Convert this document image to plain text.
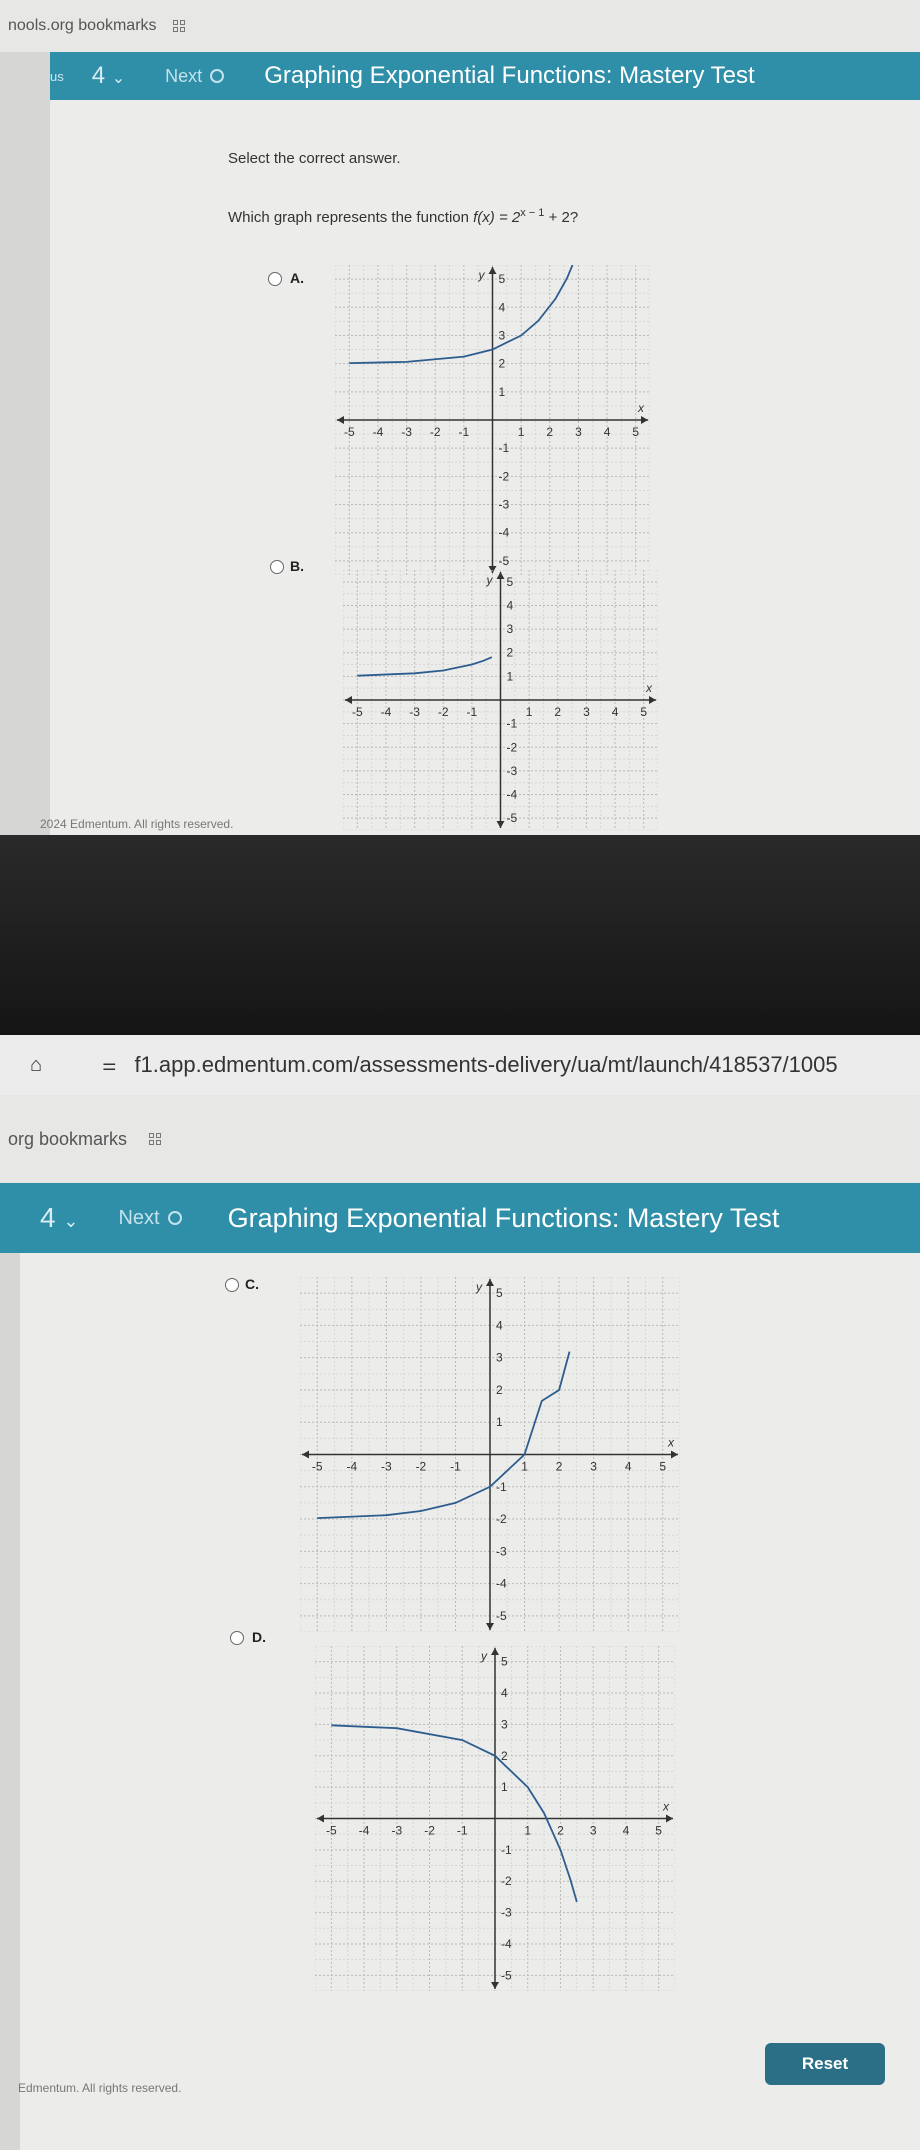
nools.org bookmarks
us 4 ⌄ Next	Graphing Exponential Functions: Mastery Test
Select the correct answer.
Which graph represents the function $f(x) = 2^{x - 1} + 2$?
A.
-5 -4 -3 -2 -1	1 2 3 4 5
5
4
3
2
1
-1
-2
-3
-4
-5
x
y
B.
-5 -4 -3 -2 -1	1 2 3 4 5
5
4
3
2
1
-1
-2
-3
-4
-5
x
y
2024 Edmentum. All rights reserved.
⌂	⚌ f1.app.edmentum.com/assessments-delivery/ua/mt/launch/418537/1005
org bookmarks
4 ⌄ Next	Graphing Exponential Functions: Mastery Test
C.
-5 -4 -3 -2 -1	1 2 3 4 5
5
4
3
2
1
-1
-2
-3
-4
-5
x
y
D.
-5 -4 -3 -2 -1	1 2 3 4 5
5
4
3
2
1
-1
-2
-3
-4
-5
x
y
Reset
Edmentum. All rights reserved.
